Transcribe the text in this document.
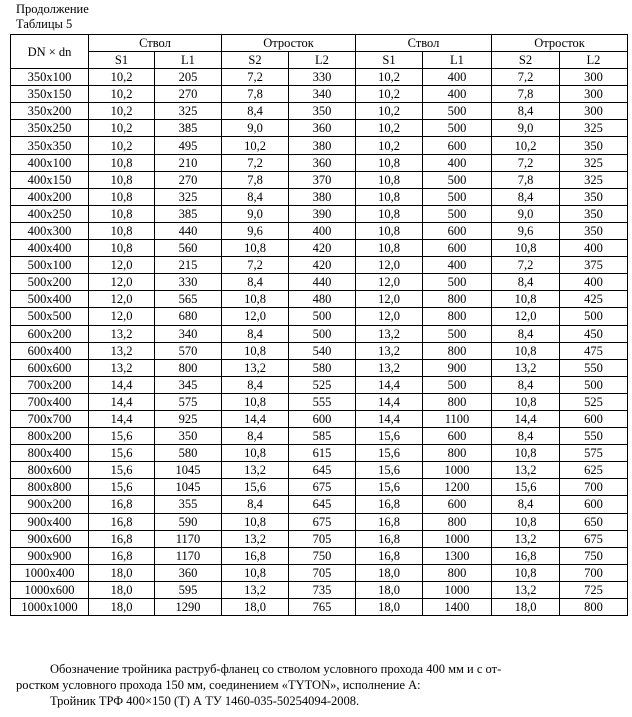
Продолжение
Таблицы 5
DN × dn	Ствол		Отросток		Ствол		Отросток	
	S1	L1	S2	L2	S1	L1	S2	L2
350х100	10,2	205	7,2	330	10,2	400	7,2	300
350х150	10,2	270	7,8	340	10,2	400	7,8	300
350х200	10,2	325	8,4	350	10,2	500	8,4	300
350х250	10,2	385	9,0	360	10,2	500	9,0	325
350х350	10,2	495	10,2	380	10,2	600	10,2	350
400х100	10,8	210	7,2	360	10,8	400	7,2	325
400х150	10,8	270	7,8	370	10,8	500	7,8	325
400х200	10,8	325	8,4	380	10,8	500	8,4	350
400х250	10,8	385	9,0	390	10,8	500	9,0	350
400х300	10,8	440	9,6	400	10,8	600	9,6	350
400х400	10,8	560	10,8	420	10,8	600	10,8	400
500х100	12,0	215	7,2	420	12,0	400	7,2	375
500х200	12,0	330	8,4	440	12,0	500	8,4	400
500х400	12,0	565	10,8	480	12,0	800	10,8	425
500х500	12,0	680	12,0	500	12,0	800	12,0	500
600х200	13,2	340	8,4	500	13,2	500	8,4	450
600х400	13,2	570	10,8	540	13,2	800	10,8	475
600х600	13,2	800	13,2	580	13,2	900	13,2	550
700х200	14,4	345	8,4	525	14,4	500	8,4	500
700х400	14,4	575	10,8	555	14,4	800	10,8	525
700х700	14,4	925	14,4	600	14,4	1100	14,4	600
800х200	15,6	350	8,4	585	15,6	600	8,4	550
800х400	15,6	580	10,8	615	15,6	800	10,8	575
800х600	15,6	1045	13,2	645	15,6	1000	13,2	625
800х800	15,6	1045	15,6	675	15,6	1200	15,6	700
900х200	16,8	355	8,4	645	16,8	600	8,4	600
900х400	16,8	590	10,8	675	16,8	800	10,8	650
900х600	16,8	1170	13,2	705	16,8	1000	13,2	675
900х900	16,8	1170	16,8	750	16,8	1300	16,8	750
1000х400	18,0	360	10,8	705	18,0	800	10,8	700
1000х600	18,0	595	13,2	735	18,0	1000	13,2	725
1000х1000	18,0	1290	18,0	765	18,0	1400	18,0	800
Обозначение тройника раструб-фланец со стволом условного прохода 400 мм и с от-
ростком условного прохода 150 мм, соединением «TYTON», исполнение А:
Тройник ТРФ 400×150 (Т) А ТУ 1460-035-50254094-2008.
